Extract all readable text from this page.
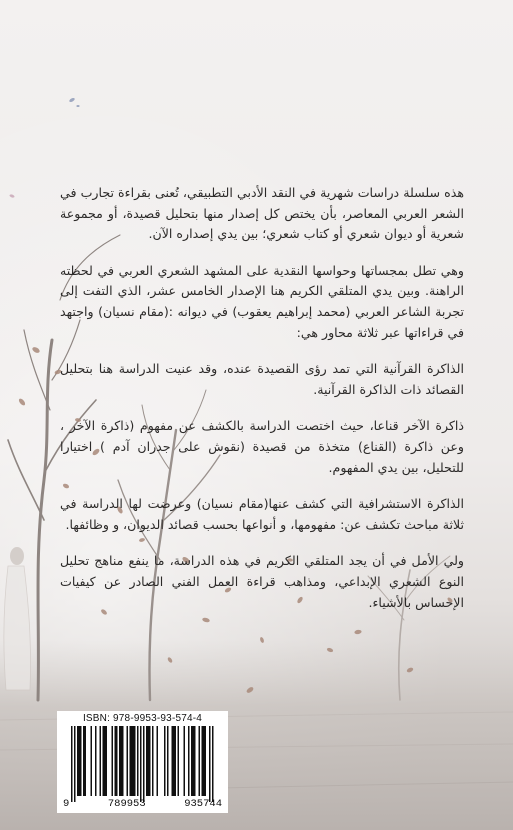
هذه سلسلة دراسات شهرية في النقد الأدبي التطبيقي، تُعنى بقراءة تجارب في الشعر العربي المعاصر، بأن يختص كل إصدار منها بتحليل قصيدة، أو مجموعة شعرية أو ديوان شعري أو كتاب شعري؛ بين يدي إصداره الآن.

وهي تطل بمجساتها وحواسها النقدية على المشهد الشعري العربي في لحظته الراهنة. وبين يدي المتلقي الكريم هنا الإصدار الخامس عشر، الذي التفت إلى تجربة الشاعر العربي (محمد إبراهيم يعقوب) في ديوانه :(مقام نسيان) واجتهد في قراءاتها عبر ثلاثة محاور هي:

الذاكرة القرآنية التي تمد رؤى القصيدة عنده، وقد عنيت الدراسة هنا بتحليل القصائد ذات الذاكرة القرآنية.

ذاكرة الآخر قناعا، حيث اختصت الدراسة بالكشف عن مفهوم (ذاكرة الآخر ، وعن ذاكرة (القناع) متخذة من قصيدة (نقوش على جدران آدم ) اختيارا للتحليل، بين يدي المفهوم.

الذاكرة الاستشرافية التي كشف عنها(مقام نسيان) وعرضت لها الدراسة في ثلاثة مباحث تكشف عن: مفهومها، و أنواعها بحسب قصائد الديوان، و وظائفها.

ولي الأمل في أن يجد المتلقي الكريم في هذه الدراسة، ما ينفع مناهج تحليل النوع الشعري الإبداعي، ومذاهب قراءة العمل الفني الصادر عن كيفيات الإحساس بالأشياء.

ISBN: 978-9953-93-574-4
9	789953	935744
